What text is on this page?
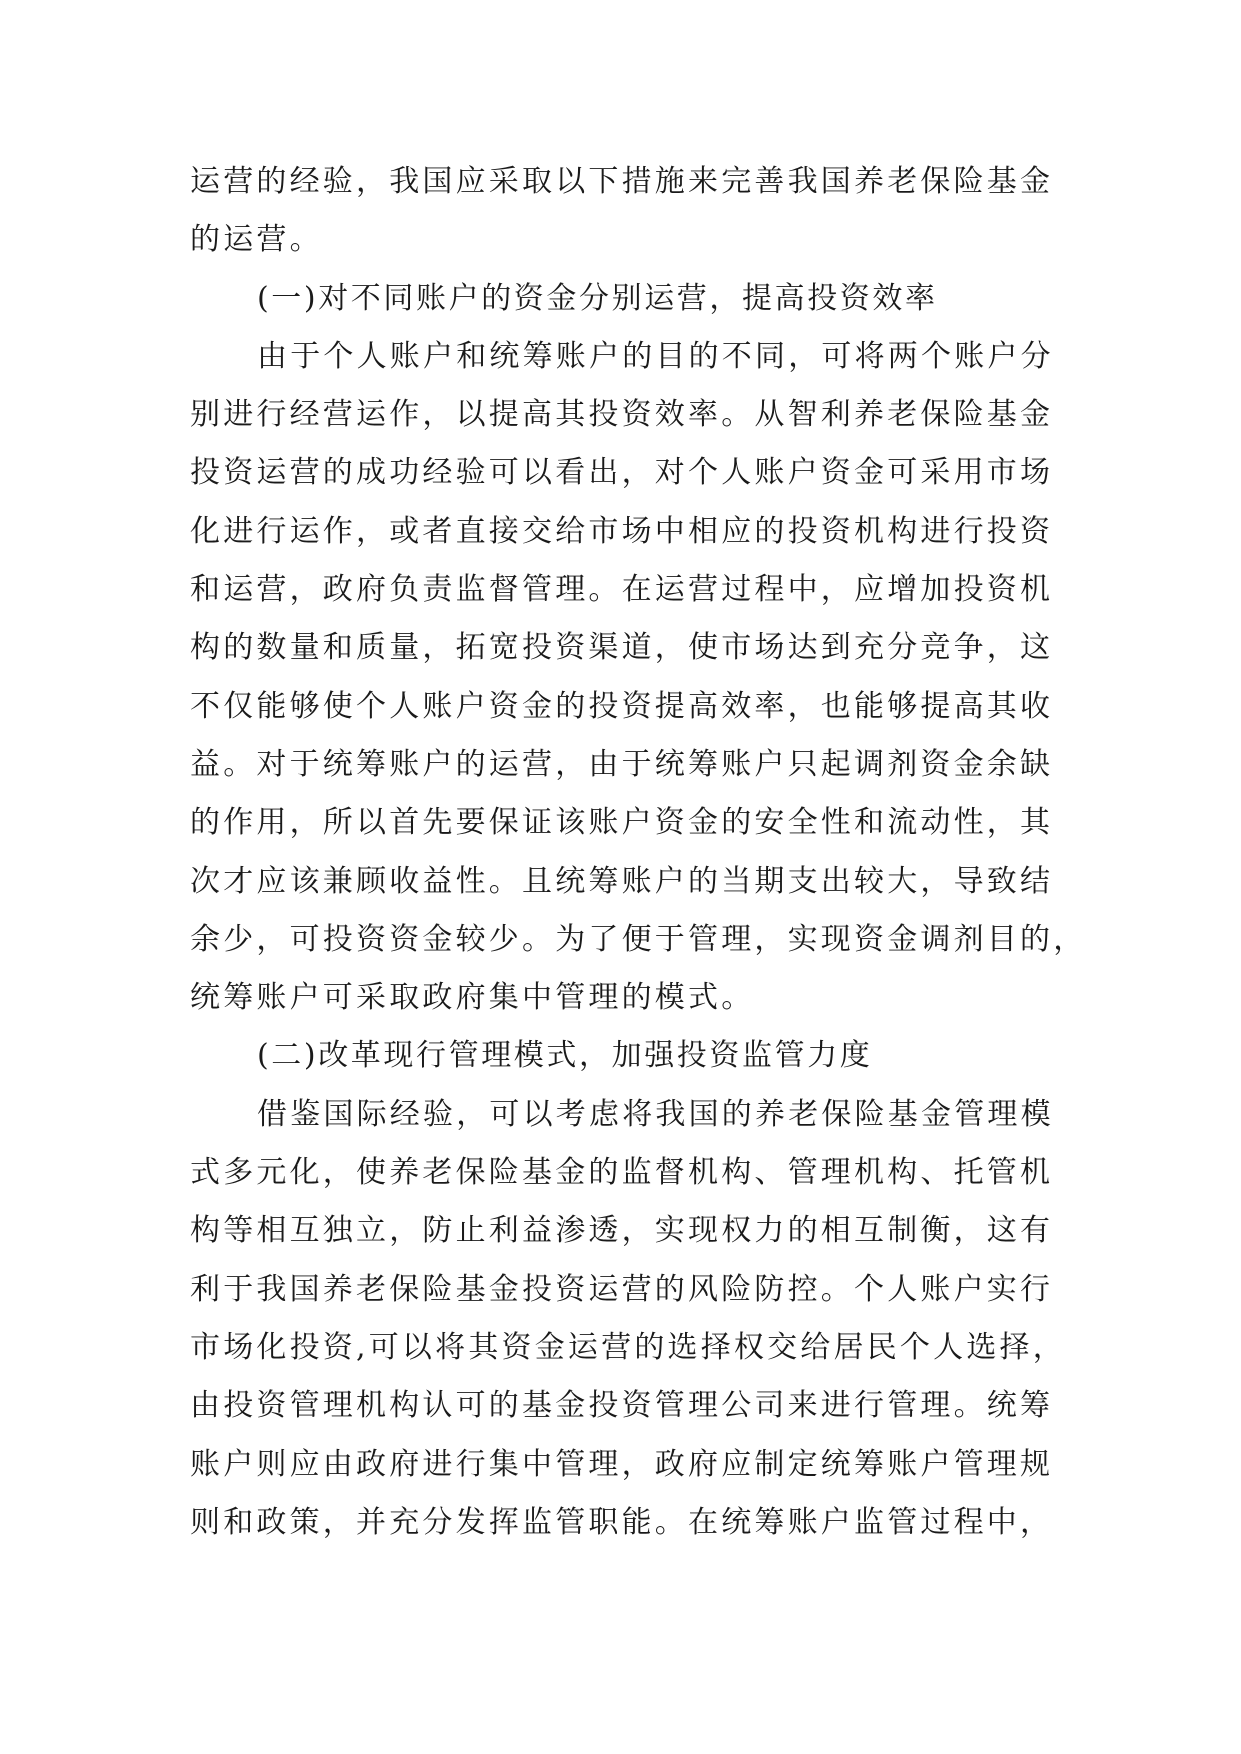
运营的经验，我国应采取以下措施来完善我国养老保险基金
的运营。
(一)对不同账户的资金分别运营，提高投资效率
由于个人账户和统筹账户的目的不同，可将两个账户分
别进行经营运作，以提高其投资效率。从智利养老保险基金
投资运营的成功经验可以看出，对个人账户资金可采用市场
化进行运作，或者直接交给市场中相应的投资机构进行投资
和运营，政府负责监督管理。在运营过程中，应增加投资机
构的数量和质量，拓宽投资渠道，使市场达到充分竞争，这
不仅能够使个人账户资金的投资提高效率，也能够提高其收
益。对于统筹账户的运营，由于统筹账户只起调剂资金余缺
的作用，所以首先要保证该账户资金的安全性和流动性，其
次才应该兼顾收益性。且统筹账户的当期支出较大，导致结
余少，可投资资金较少。为了便于管理，实现资金调剂目的，
统筹账户可采取政府集中管理的模式。
(二)改革现行管理模式，加强投资监管力度
借鉴国际经验，可以考虑将我国的养老保险基金管理模
式多元化，使养老保险基金的监督机构、管理机构、托管机
构等相互独立，防止利益渗透，实现权力的相互制衡，这有
利于我国养老保险基金投资运营的风险防控。个人账户实行
市场化投资,可以将其资金运营的选择权交给居民个人选择，
由投资管理机构认可的基金投资管理公司来进行管理。统筹
账户则应由政府进行集中管理，政府应制定统筹账户管理规
则和政策，并充分发挥监管职能。在统筹账户监管过程中，
